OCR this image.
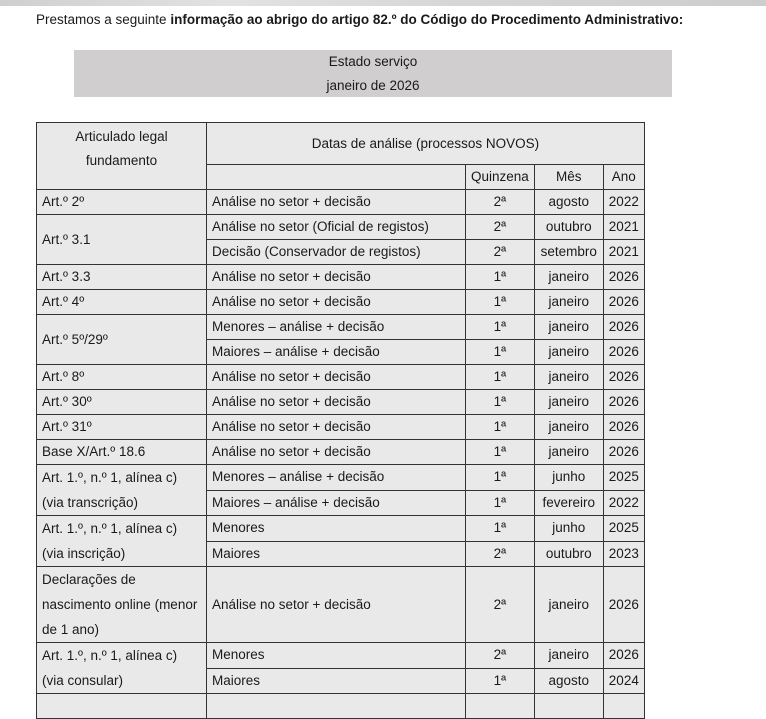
Prestamos a seguinte informação ao abrigo do artigo 82.º do Código do Procedimento Administrativo:
Estado serviço
janeiro de 2026
Articulado legal fundamento	Datas de análise (processos NOVOS)			
		Quinzena	Mês	Ano
Art.º 2º	Análise no setor + decisão	2ª	agosto	2022
Art.º 3.1	Análise no setor (Oficial de registos)	2ª	outubro	2021
	Decisão (Conservador de registos)	2ª	setembro	2021
Art.º 3.3	Análise no setor + decisão	1ª	janeiro	2026
Art.º 4º	Análise no setor + decisão	1ª	janeiro	2026
Art.º 5º/29º	Menores – análise + decisão	1ª	janeiro	2026
	Maiores – análise + decisão	1ª	janeiro	2026
Art.º 8º	Análise no setor + decisão	1ª	janeiro	2026
Art.º 30º	Análise no setor + decisão	1ª	janeiro	2026
Art.º 31º	Análise no setor + decisão	1ª	janeiro	2026
Base X/Art.º 18.6	Análise no setor + decisão	1ª	janeiro	2026
Art. 1.º, n.º 1, alínea c) (via transcrição)	Menores – análise + decisão	1ª	junho	2025
	Maiores – análise + decisão	1ª	fevereiro	2022
Art. 1.º, n.º 1, alínea c) (via inscrição)	Menores	1ª	junho	2025
	Maiores	2ª	outubro	2023
Declarações de nascimento online (menor de 1 ano)	Análise no setor + decisão	2ª	janeiro	2026
Art. 1.º, n.º 1, alínea c) (via consular)	Menores	2ª	janeiro	2026
	Maiores	1ª	agosto	2024
